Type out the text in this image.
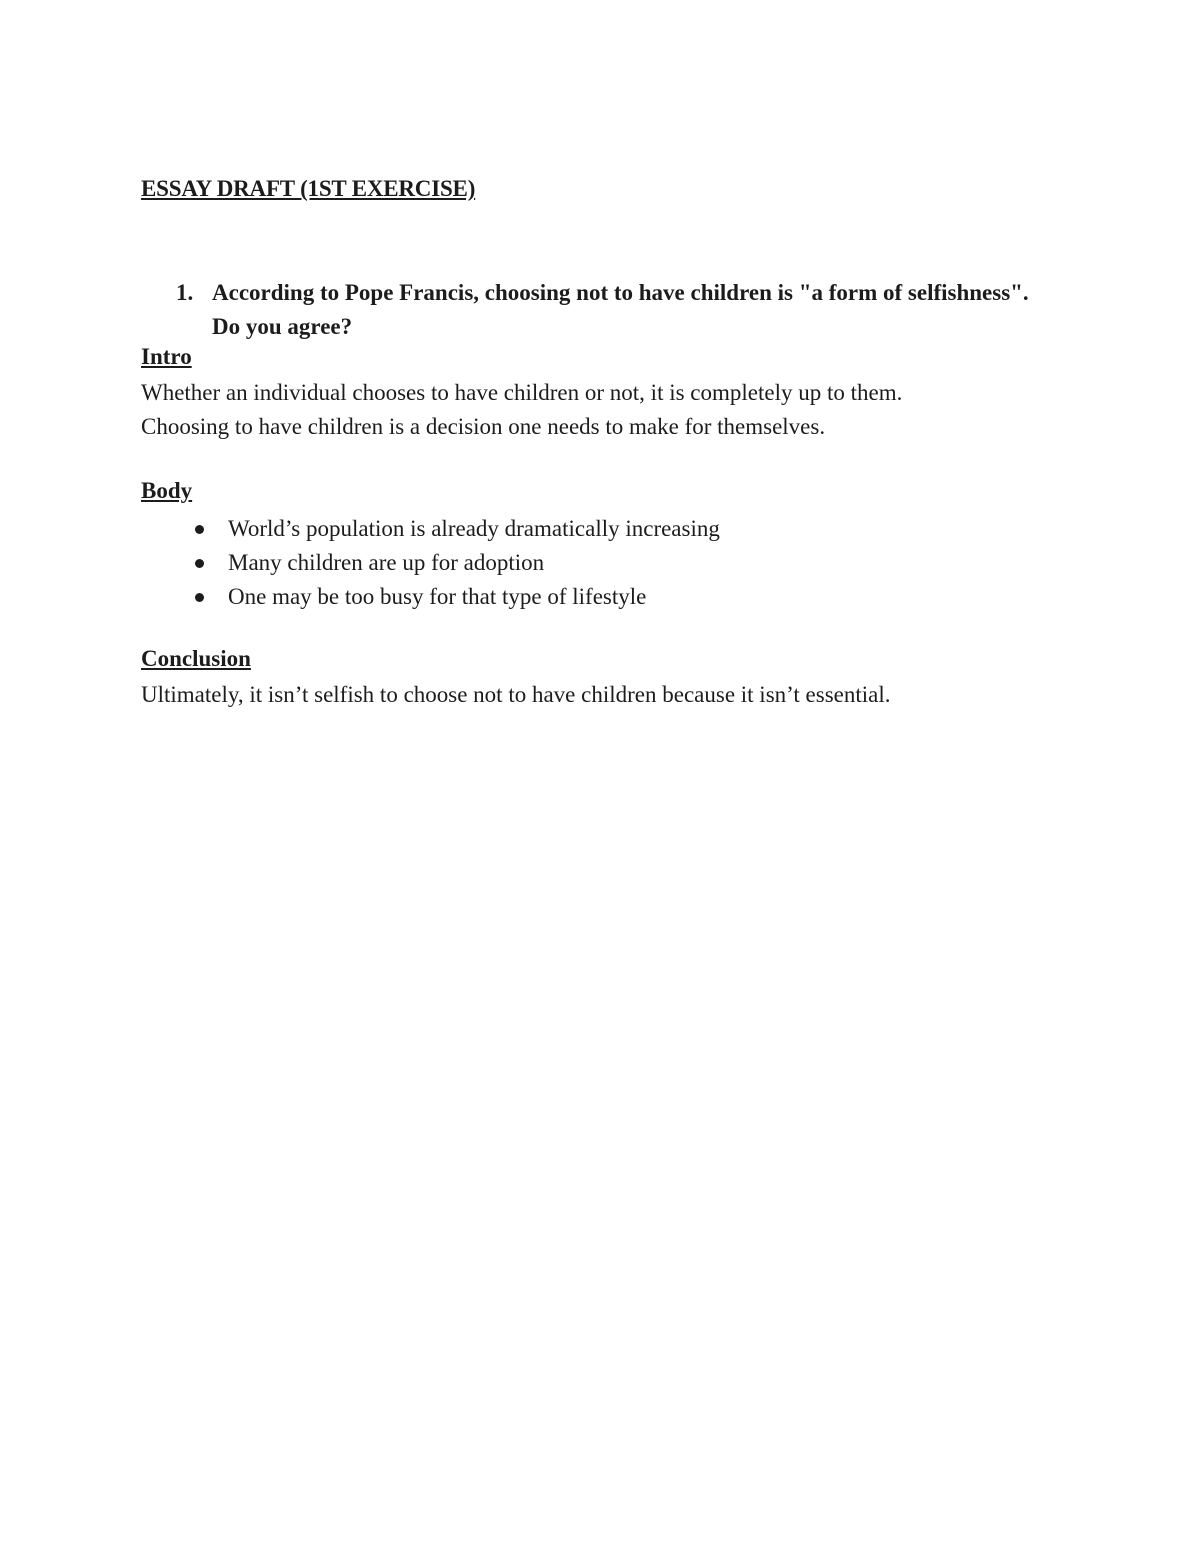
ESSAY DRAFT (1ST EXERCISE)
1. According to Pope Francis, choosing not to have children is "a form of selfishness". Do you agree?
Intro
Whether an individual chooses to have children or not, it is completely up to them.
Choosing to have children is a decision one needs to make for themselves.
Body
World’s population is already dramatically increasing
Many children are up for adoption
One may be too busy for that type of lifestyle
Conclusion
Ultimately, it isn’t selfish to choose not to have children because it isn’t essential.
